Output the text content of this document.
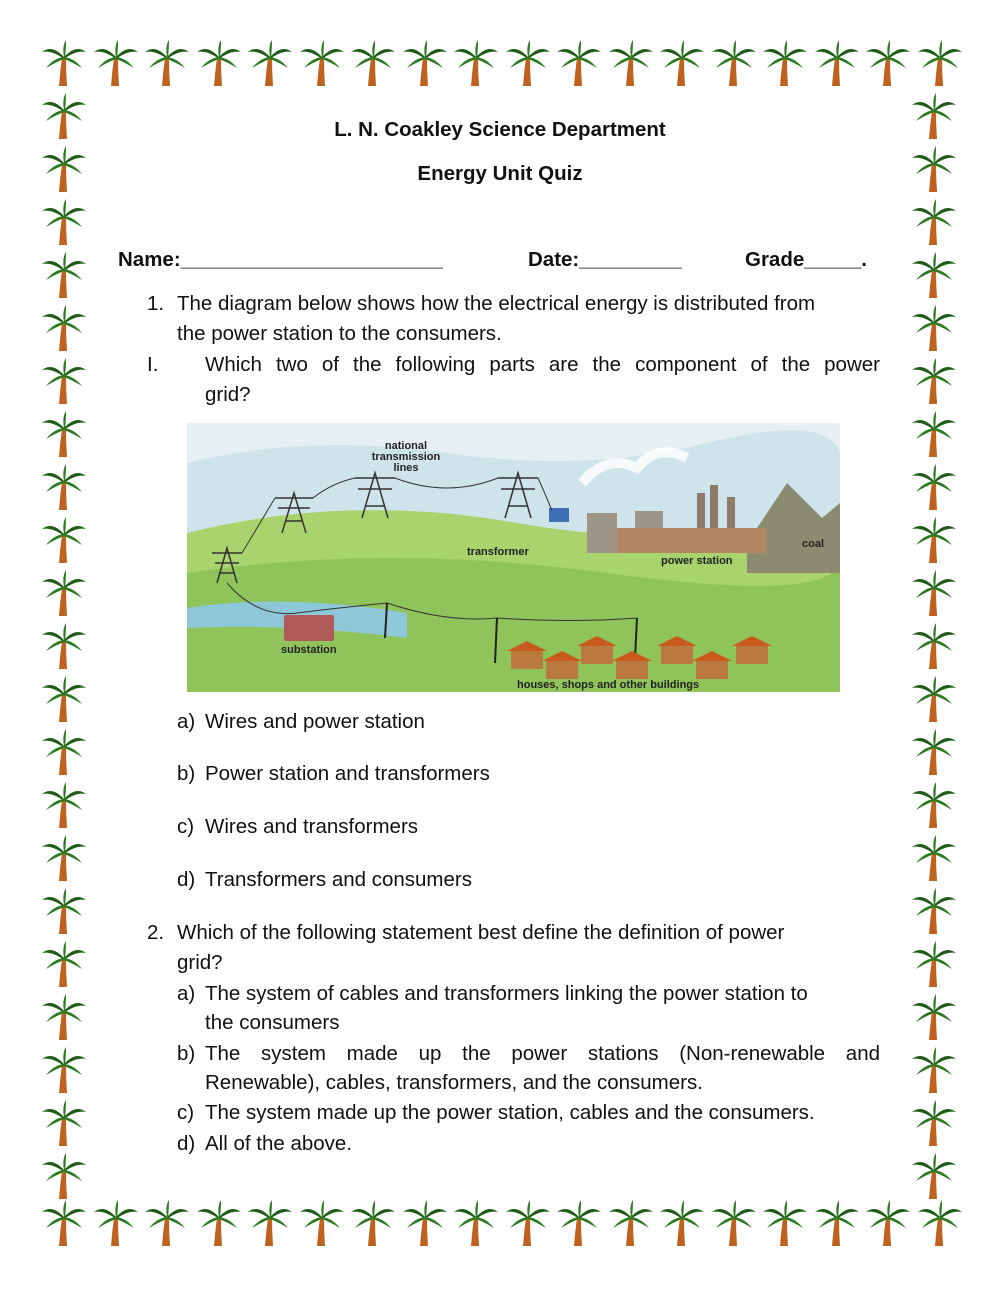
L. N. Coakley Science Department
Energy Unit Quiz
Name:_______________________	Date:_________	Grade_____.
1. The diagram below shows how the electrical energy is distributed from
the power station to the consumers.
I. Which two of the following parts are the component of the power
grid?
national
transmission
lines
transformer
power station
coal
substation
houses, shops and other buildings
a) Wires and power station
b) Power station and transformers
c) Wires and transformers
d) Transformers and consumers
2. Which of the following statement best define the definition of power
grid?
a) The system of cables and transformers linking the power station to
the consumers
b) The system made up the power stations (Non-renewable and
Renewable), cables, transformers, and the consumers.
c) The system made up the power station, cables and the consumers.
d) All of the above.
